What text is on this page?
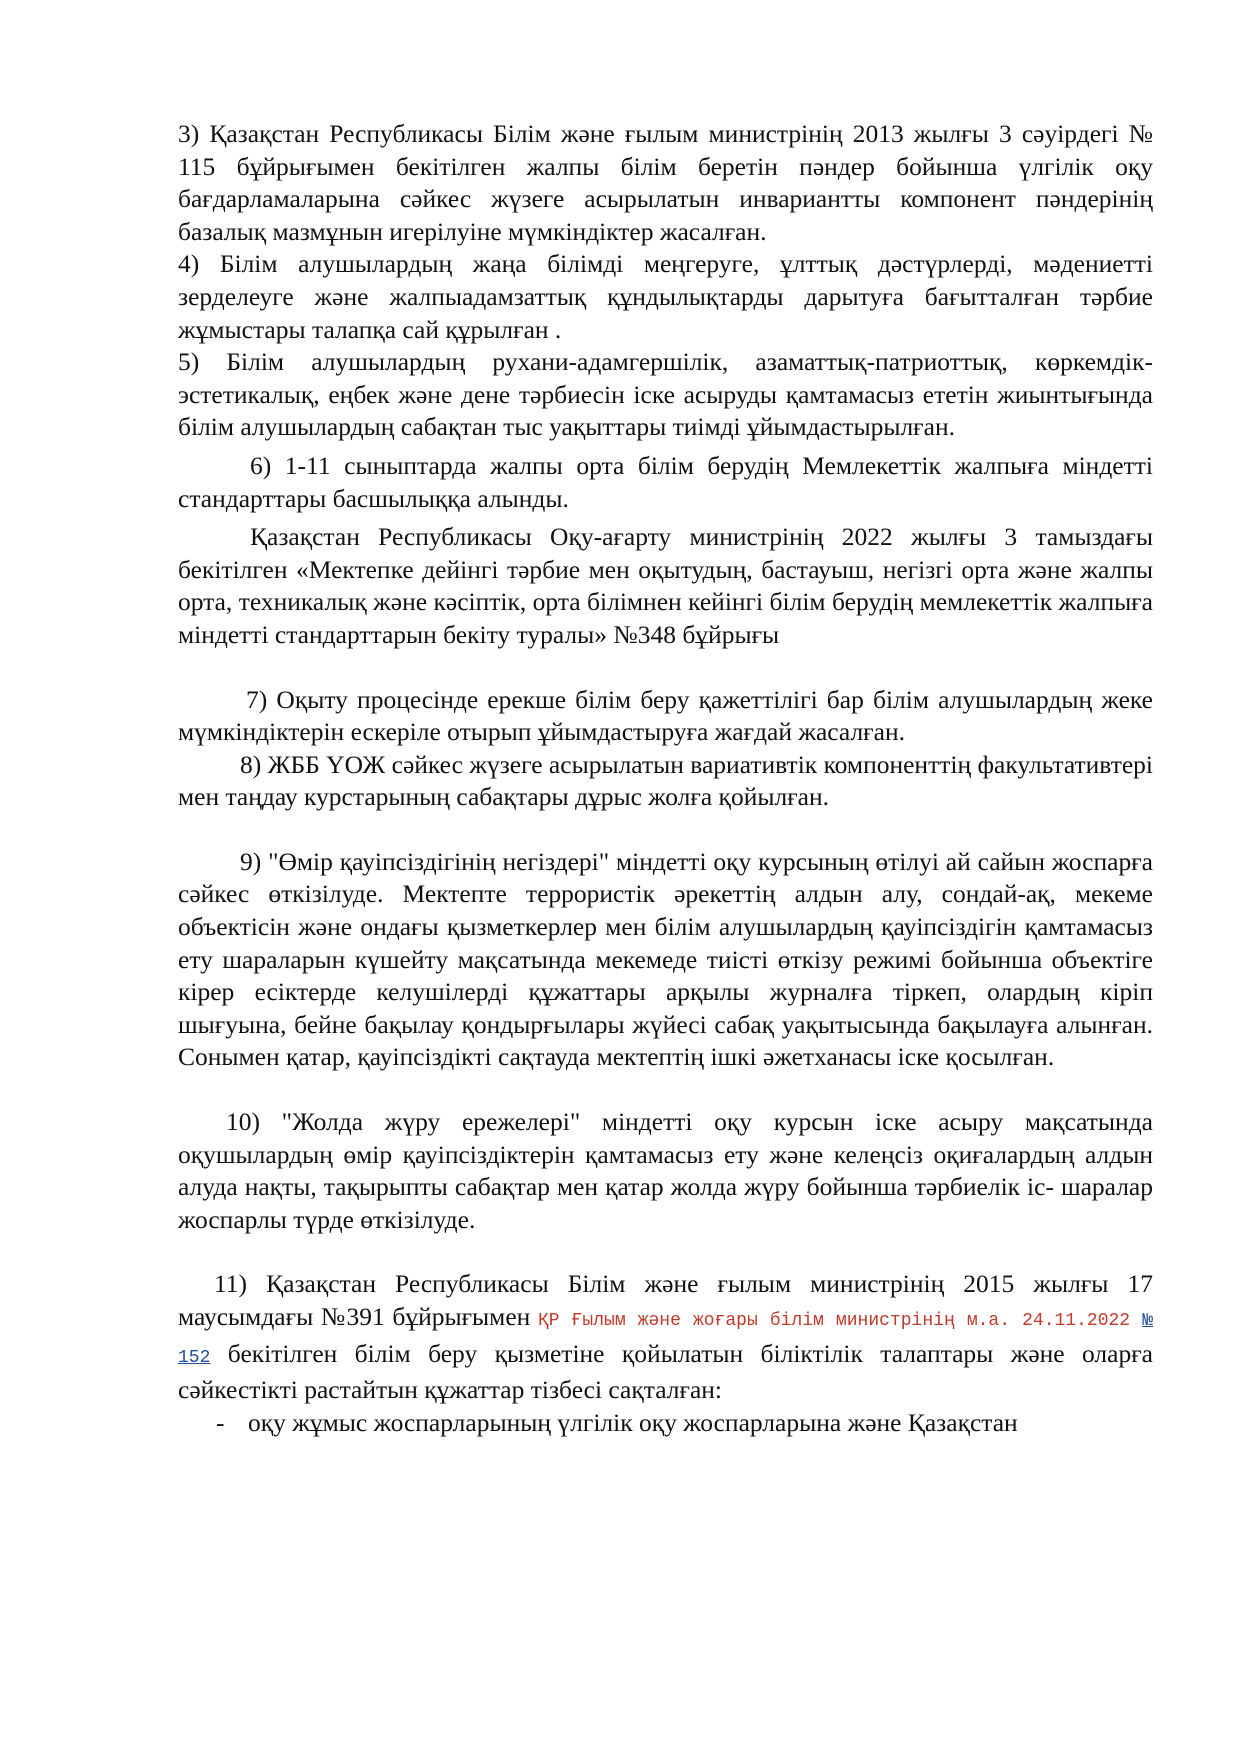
3) Қазақстан Республикасы Білім және ғылым министрінің 2013 жылғы 3 сәуірдегі № 115 бұйрығымен бекітілген жалпы білім беретін пәндер бойынша үлгілік оқу бағдарламаларына сәйкес жүзеге асырылатын инвариантты компонент пәндерінің базалық мазмұнын игерілуіне мүмкіндіктер жасалған.

4) Білім алушылардың жаңа білімді меңгеруге, ұлттық дәстүрлерді, мәдениетті зерделеуге және жалпыадамзаттық құндылықтарды дарытуға бағытталған тәрбие жұмыстары талапқа сай құрылған .

5) Білім алушылардың рухани-адамгершілік, азаматтық-патриоттық, көркемдік-эстетикалық, еңбек және дене тәрбиесін іске асыруды қамтамасыз ететін жиынтығында білім алушылардың сабақтан тыс уақыттары тиімді ұйымдастырылған.

6) 1-11 сыныптарда жалпы орта білім берудің Мемлекеттік жалпыға міндетті стандарттары басшылыққа алынды.

Қазақстан Республикасы Оқу-ағарту министрінің 2022 жылғы 3 тамыздағы бекітілген «Мектепке дейінгі тәрбие мен оқытудың, бастауыш, негізгі орта және жалпы орта, техникалық және кәсіптік, орта білімнен кейінгі білім берудің мемлекеттік жалпыға міндетті стандарттарын бекіту туралы» №348 бұйрығы

7) Оқыту процесінде ерекше білім беру қажеттілігі бар білім алушылардың жеке мүмкіндіктерін ескеріле отырып ұйымдастыруға жағдай жасалған.

8) ЖББ ҮОЖ сәйкес жүзеге асырылатын вариативтік компоненттің факультативтері мен таңдау курстарының сабақтары дұрыс жолға қойылған.

9) "Өмір қауіпсіздігінің негіздері" міндетті оқу курсының өтілуі ай сайын жоспарға сәйкес өткізілуде. Мектепте террористік әрекеттің алдын алу, сондай-ақ, мекеме объектісін және ондағы қызметкерлер мен білім алушылардың қауіпсіздігін қамтамасыз ету шараларын күшейту мақсатында мекемеде тиісті өткізу режимі бойынша объектіге кірер есіктерде келушілерді құжаттары арқылы журналға тіркеп, олардың кіріп шығуына, бейне бақылау қондырғылары жүйесі сабақ уақытысында бақылауға алынған. Сонымен қатар, қауіпсіздікті сақтауда мектептің ішкі әжетханасы іске қосылған.

10) "Жолда жүру ережелері" міндетті оқу курсын іске асыру мақсатында оқушылардың өмір қауіпсіздіктерін қамтамасыз ету және келеңсіз оқиғалардың алдын алуда нақты, тақырыпты сабақтар мен қатар жолда жүру бойынша тәрбиелік іс- шаралар жоспарлы түрде өткізілуде.

11) Қазақстан Республикасы Білім және ғылым министрінің 2015 жылғы 17 маусымдағы №391 бұйрығымен ҚР Ғылым және жоғары білім министрінің м.а. 24.11.2022 № 152 бекітілген білім беру қызметіне қойылатын біліктілік талаптары және оларға сәйкестікті растайтын құжаттар тізбесі сақталған:

- оқу жұмыс жоспарларының үлгілік оқу жоспарларына және Қазақстан
